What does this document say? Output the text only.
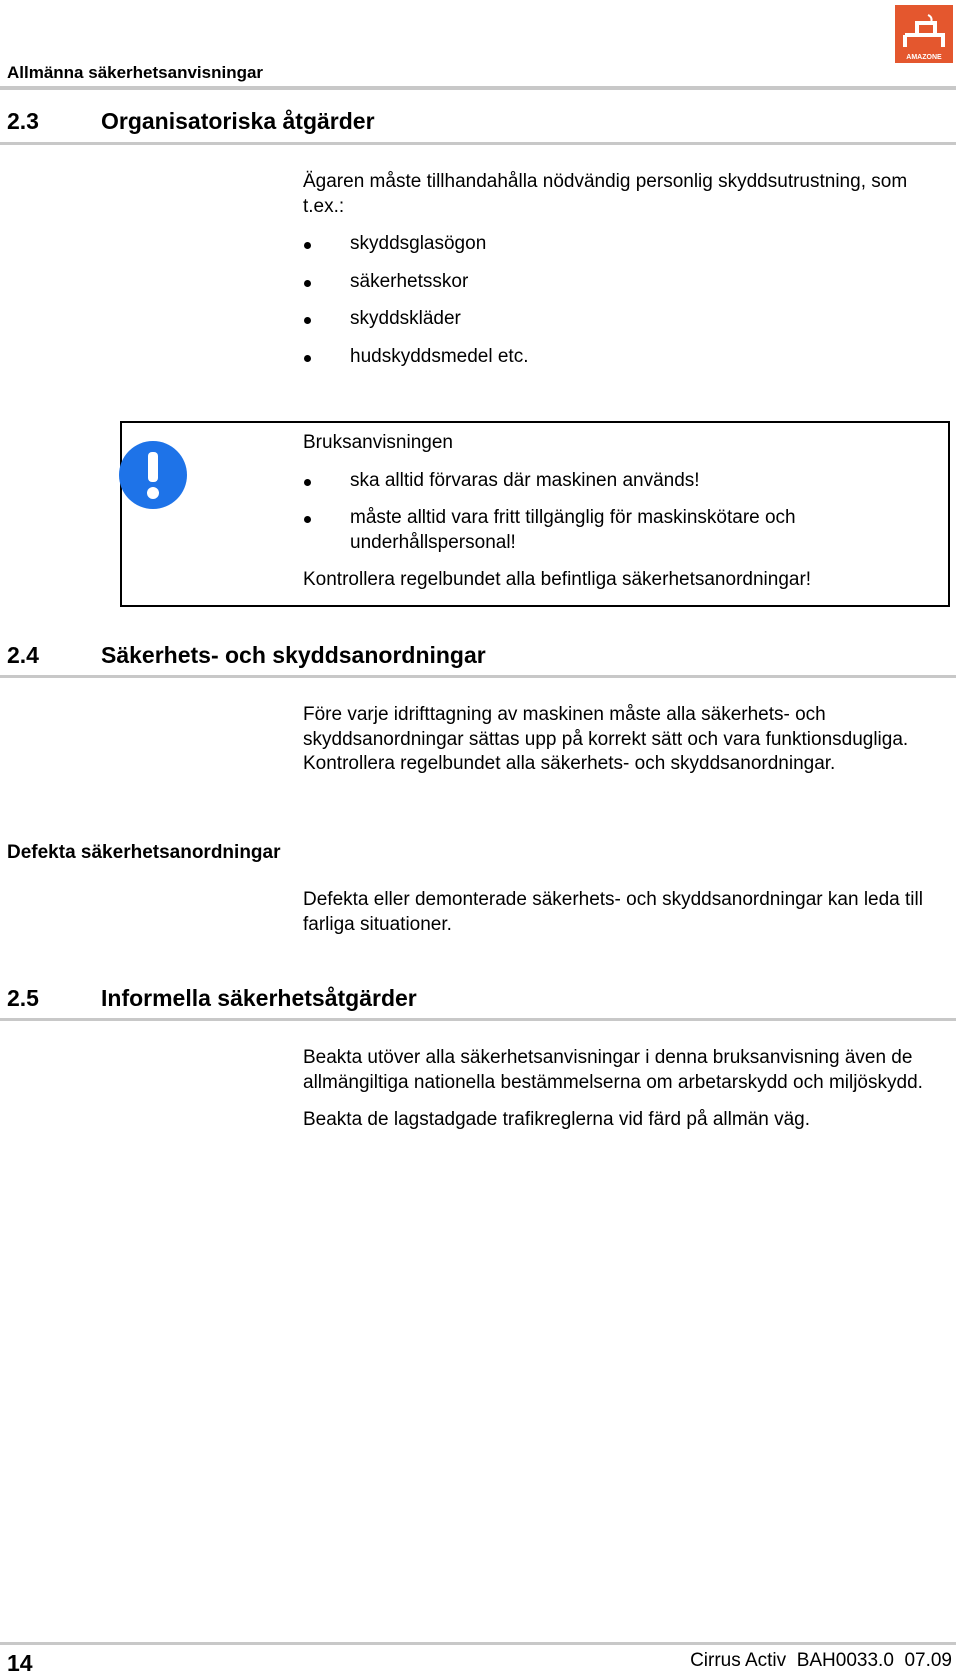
AMAZONE
Allmänna säkerhetsanvisningar
2.3	Organisatoriska åtgärder
Ägaren måste tillhandahålla nödvändig personlig skyddsutrustning, som t.ex.:
skyddsglasögon
säkerhetsskor
skyddskläder
hudskyddsmedel etc.
Bruksanvisningen
ska alltid förvaras där maskinen används!
måste alltid vara fritt tillgänglig för maskinskötare och underhållspersonal!
Kontrollera regelbundet alla befintliga säkerhetsanordningar!
2.4	Säkerhets- och skyddsanordningar
Före varje idrifttagning av maskinen måste alla säkerhets- och skyddsanordningar sättas upp på korrekt sätt och vara funktionsdugliga. Kontrollera regelbundet alla säkerhets- och skyddsanordningar.
Defekta säkerhetsanordningar
Defekta eller demonterade säkerhets- och skyddsanordningar kan leda till farliga situationer.
2.5	Informella säkerhetsåtgärder
Beakta utöver alla säkerhetsanvisningar i denna bruksanvisning även de allmängiltiga nationella bestämmelserna om arbetarskydd och miljöskydd.
Beakta de lagstadgade trafikreglerna vid färd på allmän väg.
14	Cirrus Activ  BAH0033.0  07.09
